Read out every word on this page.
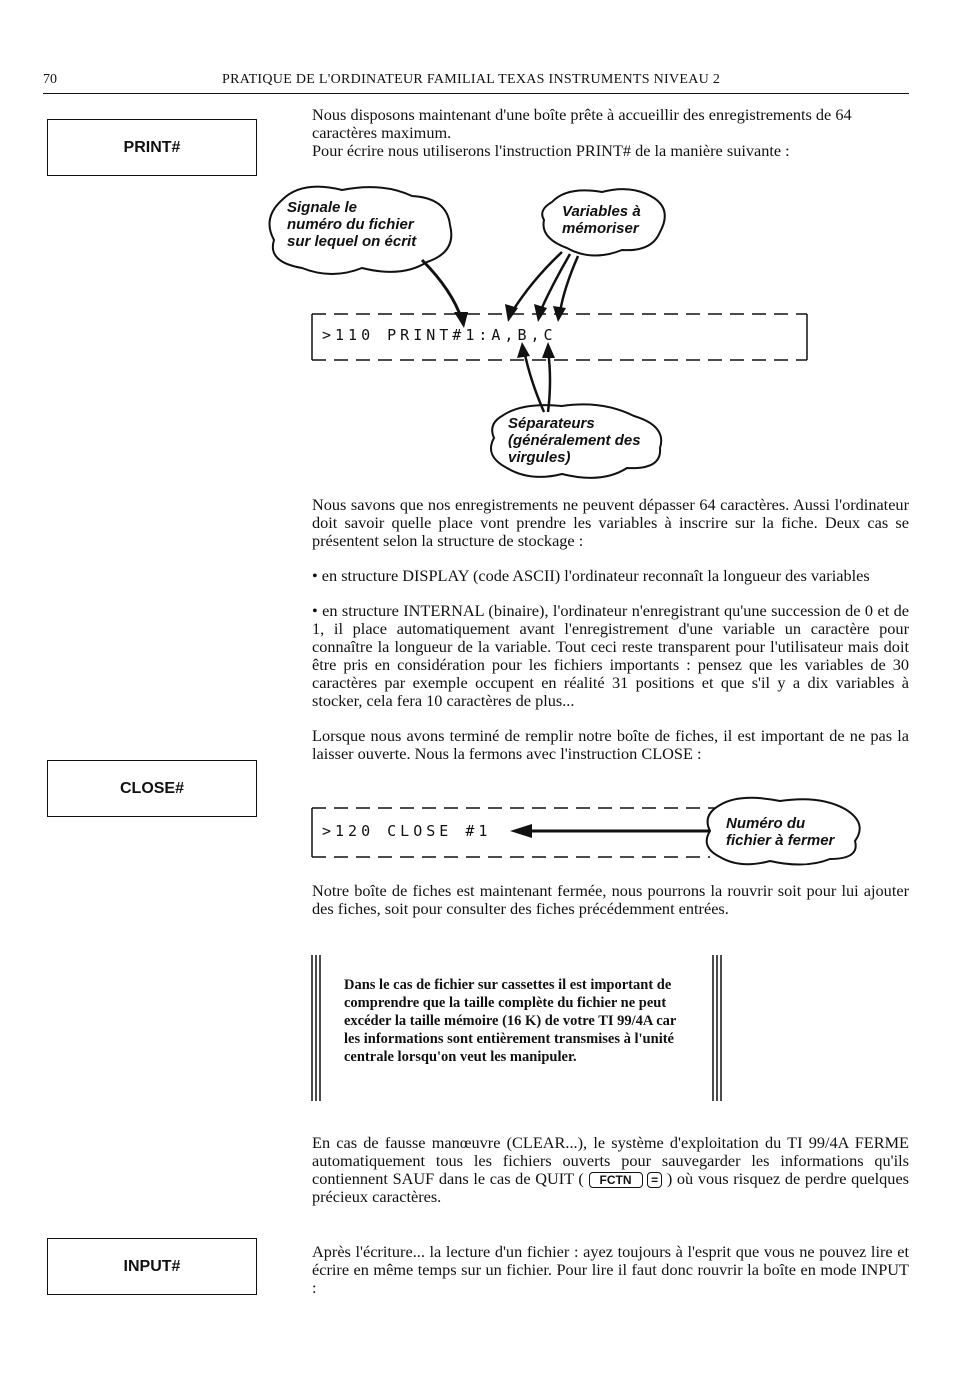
70	PRATIQUE DE L'ORDINATEUR FAMILIAL TEXAS INSTRUMENTS NIVEAU 2
PRINT#
CLOSE#
INPUT#

Nous disposons maintenant d'une boîte prête à accueillir des enregistrements de 64 caractères maximum.

Pour écrire nous utiliserons l'instruction PRINT# de la manière suivante :

Signale le
numéro du fichier
sur lequel on écrit
Variables à
mémoriser
>110 PRINT#1:A,B,C
Séparateurs
(généralement des
virgules)

Nous savons que nos enregistrements ne peuvent dépasser 64 caractères. Aussi l'ordinateur doit savoir quelle place vont prendre les variables à inscrire sur la fiche. Deux cas se présentent selon la structure de stockage :

• en structure DISPLAY (code ASCII) l'ordinateur reconnaît la longueur des variables

• en structure INTERNAL (binaire), l'ordinateur n'enregistrant qu'une succession de 0 et de 1, il place automatiquement avant l'enregistrement d'une variable un caractère pour connaître la longueur de la variable. Tout ceci reste transparent pour l'utilisateur mais doit être pris en considération pour les fichiers importants : pensez que les variables de 30 caractères par exemple occupent en réalité 31 positions et que s'il y a dix variables à stocker, cela fera 10 caractères de plus...

Lorsque nous avons terminé de remplir notre boîte de fiches, il est important de ne pas la laisser ouverte. Nous la fermons avec l'instruction CLOSE :

>120 CLOSE #1	Numéro du
fichier à fermer

Notre boîte de fiches est maintenant fermée, nous pourrons la rouvrir soit pour lui ajouter des fiches, soit pour consulter des fiches précédemment entrées.

Dans le cas de fichier sur cassettes il est important de comprendre que la taille complète du fichier ne peut excéder la taille mémoire (16 K) de votre TI 99/4A car les informations sont entièrement transmises à l'unité centrale lorsqu'on veut les manipuler.

En cas de fausse manœuvre (CLEAR...), le système d'exploitation du TI 99/4A FERME automatiquement tous les fichiers ouverts pour sauvegarder les informations qu'ils contiennent SAUF dans le cas de QUIT ( FCTN = ) où vous risquez de perdre quelques précieux caractères.

Après l'écriture... la lecture d'un fichier : ayez toujours à l'esprit que vous ne pouvez lire et écrire en même temps sur un fichier. Pour lire il faut donc rouvrir la boîte en mode INPUT :
